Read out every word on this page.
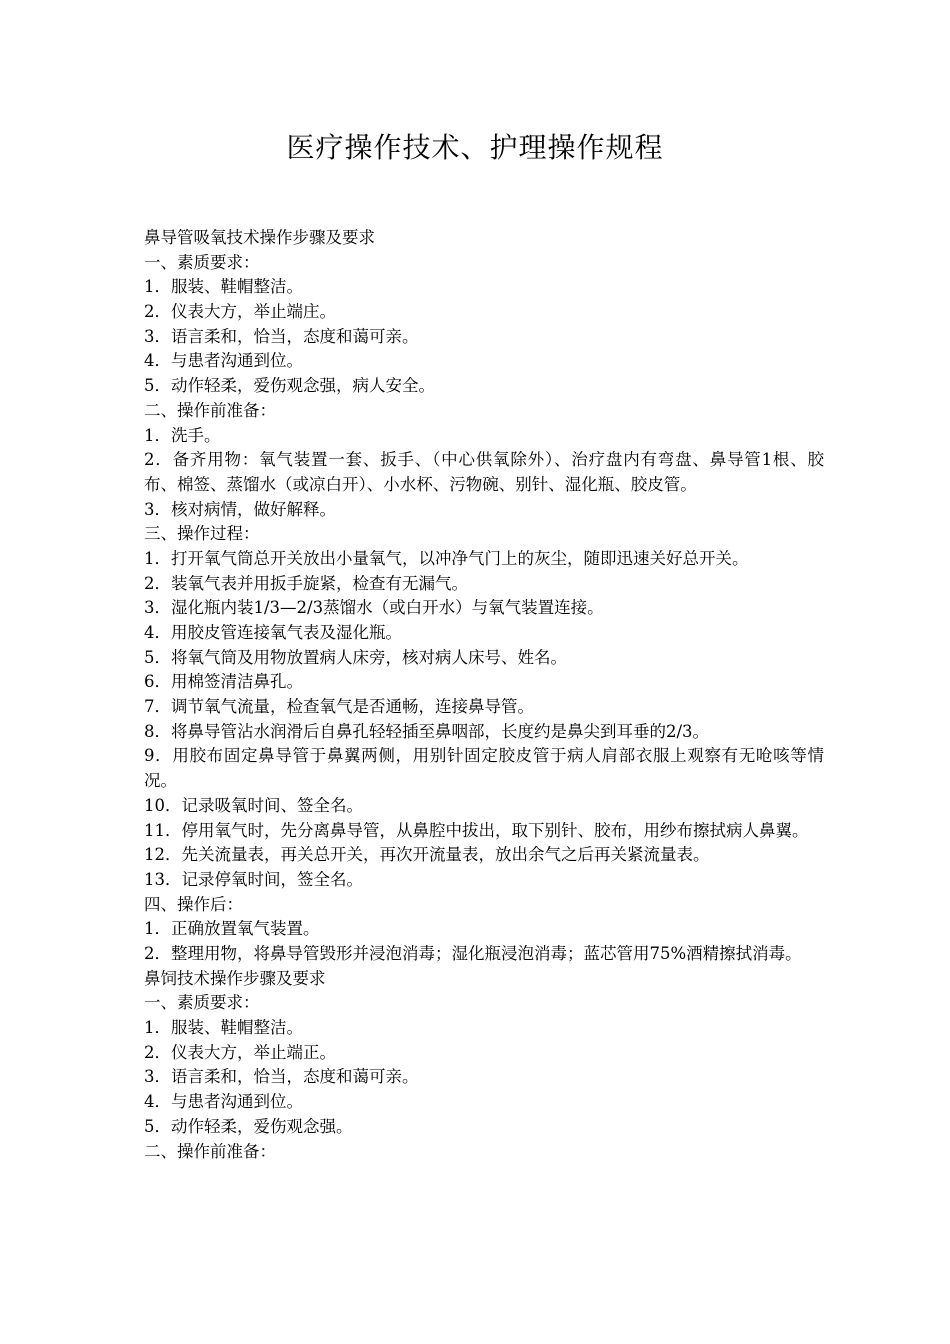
医疗操作技术、护理操作规程
鼻导管吸氧技术操作步骤及要求
一、素质要求：
1．服装、鞋帽整洁。
2．仪表大方，举止端庄。
3．语言柔和，恰当，态度和蔼可亲。
4．与患者沟通到位。
5．动作轻柔，爱伤观念强，病人安全。
二、操作前准备：
1．洗手。
2．备齐用物：氧气装置一套、扳手、（中心供氧除外）、治疗盘内有弯盘、鼻导管1根、胶布、棉签、蒸馏水（或凉白开）、小水杯、污物碗、别针、湿化瓶、胶皮管。
3．核对病情，做好解释。
三、操作过程：
1．打开氧气筒总开关放出小量氧气，以冲净气门上的灰尘，随即迅速关好总开关。
2．装氧气表并用扳手旋紧，检查有无漏气。
3．湿化瓶内装1/3—2/3蒸馏水（或白开水）与氧气装置连接。
4．用胶皮管连接氧气表及湿化瓶。
5．将氧气筒及用物放置病人床旁，核对病人床号、姓名。
6．用棉签清洁鼻孔。
7．调节氧气流量，检查氧气是否通畅，连接鼻导管。
8．将鼻导管沾水润滑后自鼻孔轻轻插至鼻咽部，长度约是鼻尖到耳垂的2/3。
9．用胶布固定鼻导管于鼻翼两侧，用别针固定胶皮管于病人肩部衣服上观察有无呛咳等情况。
10．记录吸氧时间、签全名。
11．停用氧气时，先分离鼻导管，从鼻腔中拔出，取下别针、胶布，用纱布擦拭病人鼻翼。
12．先关流量表，再关总开关，再次开流量表，放出余气之后再关紧流量表。
13．记录停氧时间，签全名。
四、操作后：
1．正确放置氧气装置。
2．整理用物，将鼻导管毁形并浸泡消毒；湿化瓶浸泡消毒；蓝芯管用75%酒精擦拭消毒。
鼻饲技术操作步骤及要求
一、素质要求：
1．服装、鞋帽整洁。
2．仪表大方，举止端正。
3．语言柔和，恰当，态度和蔼可亲。
4．与患者沟通到位。
5．动作轻柔，爱伤观念强。
二、操作前准备：
